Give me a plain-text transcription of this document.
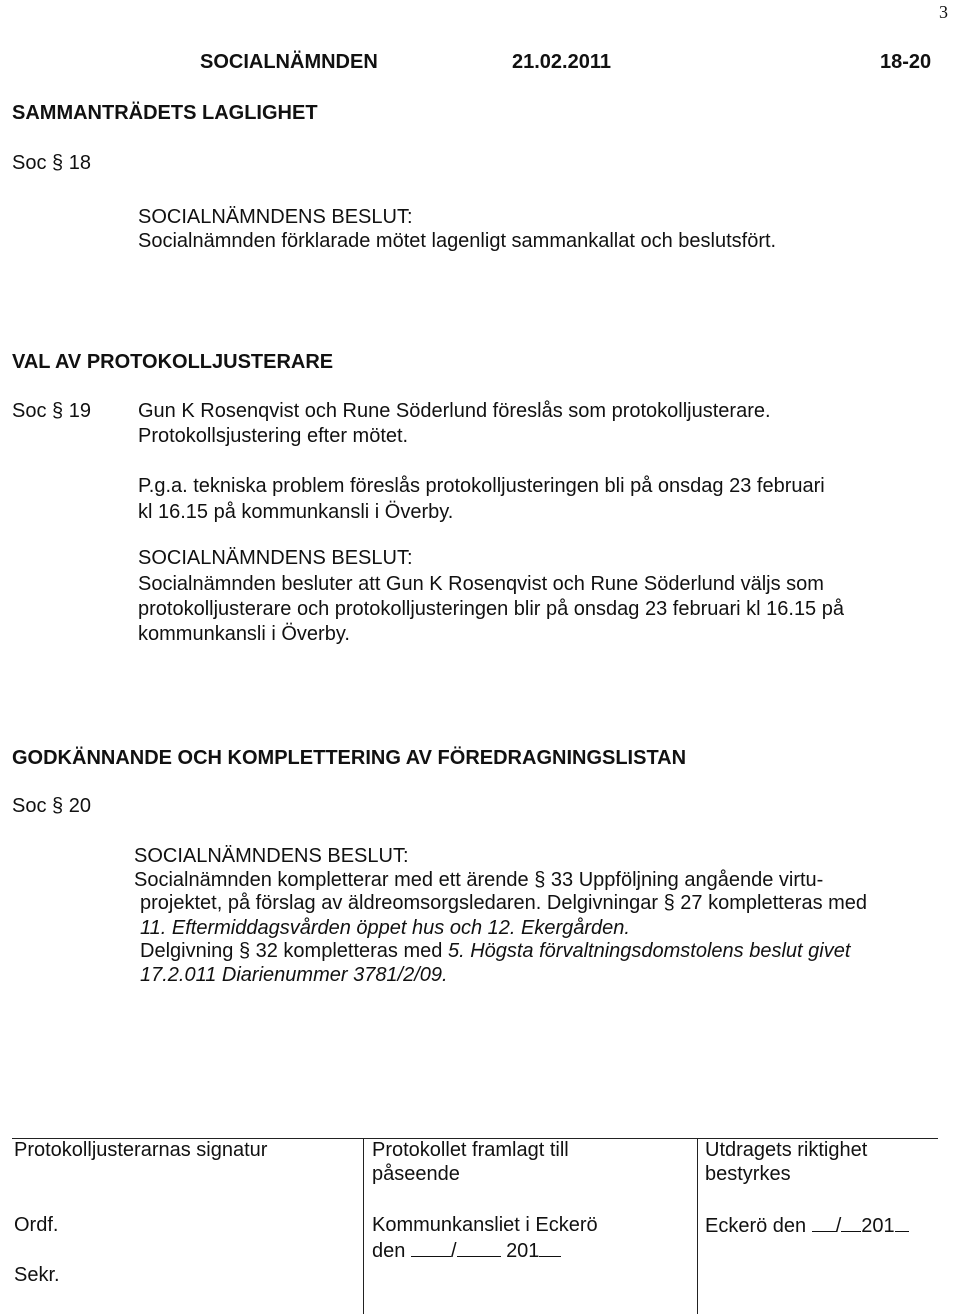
3
SOCIALNÄMNDEN	21.02.2011	18-20
SAMMANTRÄDETS LAGLIGHET
Soc § 18
SOCIALNÄMNDENS BESLUT:
Socialnämnden förklarade mötet lagenligt sammankallat och beslutsfört.
VAL AV PROTOKOLLJUSTERARE
Soc § 19 Gun K Rosenqvist och Rune Söderlund föreslås som protokolljusterare.
Protokollsjustering efter mötet.
P.g.a. tekniska problem föreslås protokolljusteringen bli på onsdag 23 februari
kl 16.15 på kommunkansli i Överby.
SOCIALNÄMNDENS BESLUT:
Socialnämnden besluter att Gun K Rosenqvist och Rune Söderlund väljs som
protokolljusterare och protokolljusteringen blir på onsdag 23 februari kl 16.15 på
kommunkansli i Överby.
GODKÄNNANDE OCH KOMPLETTERING AV FÖREDRAGNINGSLISTAN
Soc § 20
SOCIALNÄMNDENS BESLUT:
Socialnämnden kompletterar med ett ärende § 33 Uppföljning angående virtu-
projektet, på förslag av äldreomsorgsledaren. Delgivningar § 27 kompletteras med
11. Eftermiddagsvården öppet hus och 12. Ekergården.
Delgivning § 32 kompletteras med 5. Högsta förvaltningsdomstolens beslut givet
17.2.011 Diarienummer 3781/2/09.
Protokolljusterarnas signatur
Ordf.
Sekr.
Protokollet framlagt till
påseende
Kommunkansliet i Eckerö
den / 201
Utdragets riktighet
bestyrkes
Eckerö den / 201
